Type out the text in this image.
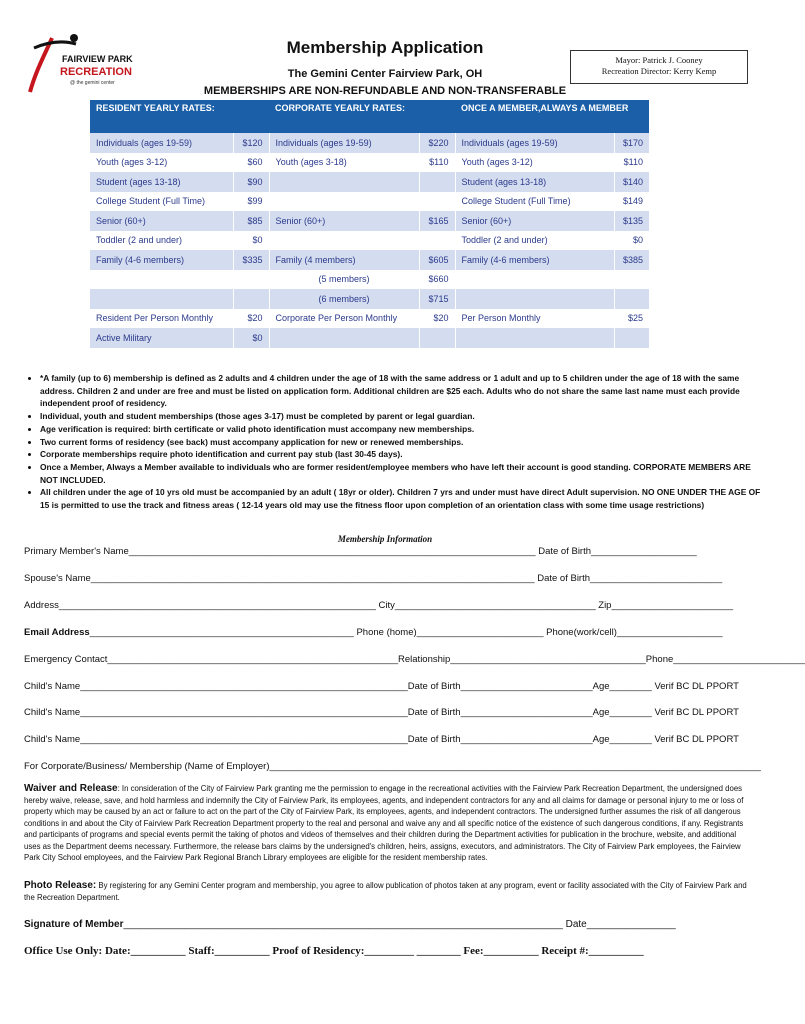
FAIRVIEW PARK
RECREATION
@ the gemini center
Membership Application
The Gemini Center Fairview Park, OH
MEMBERSHIPS ARE NON-REFUNDABLE AND NON-TRANSFERABLE
Mayor: Patrick J. Cooney
Recreation Director: Kerry Kemp
RESIDENT YEARLY RATES:		CORPORATE YEARLY RATES:		ONCE A MEMBER,ALWAYS A MEMBER	
Individuals (ages 19-59)	$120	Individuals (ages 19-59)	$220	Individuals (ages 19-59)	$170
Youth (ages 3-12)	$60	Youth (ages 3-18)	$110	Youth (ages 3-12)	$110
Student (ages 13-18)	$90			Student (ages 13-18)	$140
College Student (Full Time)	$99			College Student (Full Time)	$149
Senior (60+)	$85	Senior (60+)	$165	Senior (60+)	$135
Toddler (2 and under)	$0			Toddler (2 and under)	$0
Family (4-6 members)	$335	Family (4 members)	$605	Family (4-6 members)	$385
		(5 members)	$660		
		(6 members)	$715		
Resident Per Person Monthly	$20	Corporate Per Person Monthly	$20	Per Person Monthly	$25
Active Military	$0				
• *A family (up to 6) membership is defined as 2 adults and 4 children under the age of 18 with the same address or 1 adult and up to 5 children under the age of 18 with the same address. Children 2 and under are free and must be listed on application form. Additional children are $25 each. Adults who do not share the same last name must each provide independent proof of residency.
• Individual, youth and student memberships (those ages 3-17) must be completed by parent or legal guardian.
• Age verification is required: birth certificate or valid photo identification must accompany new memberships.
• Two current forms of residency (see back) must accompany application for new or renewed memberships.
• Corporate memberships require photo identification and current pay stub (last 30-45 days).
• Once a Member, Always a Member available to individuals who are former resident/employee members who have left their account is good standing. CORPORATE MEMBERS ARE NOT INCLUDED.
• All children under the age of 10 yrs old must be accompanied by an adult ( 18yr or older). Children 7 yrs and under must have direct Adult supervision. NO ONE UNDER THE AGE OF 15 is permitted to use the track and fitness areas ( 12-14 years old may use the fitness floor upon completion of an orientation class with some time usage restrictions)
Membership Information
Primary Member's Name_____________________________________________________________________________ Date of Birth____________________
Spouse's Name____________________________________________________________________________________ Date of Birth_________________________
Address____________________________________________________________ City______________________________________ Zip_______________________
Email Address__________________________________________________ Phone (home)________________________ Phone(work/cell)____________________
Emergency Contact_______________________________________________________Relationship_____________________________________Phone_________________________
Child's Name______________________________________________________________Date of Birth_________________________Age________ Verif BC DL PPORT
Child's Name______________________________________________________________Date of Birth_________________________Age________ Verif BC DL PPORT
Child's Name______________________________________________________________Date of Birth_________________________Age________ Verif BC DL PPORT
For Corporate/Business/ Membership (Name of Employer)_____________________________________________________________________________________________
Waiver and Release: In consideration of the City of Fairview Park granting me the permission to engage in the recreational activities with the Fairview Park Recreation Department, the undersigned does hereby waive, release, save, and hold harmless and indemnify the City of Fairview Park, its employees, agents, and independent contractors for any and all claims for damage or personal injury to me or loss of property which may be caused by an act or failure to act on the part of the City of Fairview Park, its employees, agents, and independent contractors. The undersigned further assumes the risk of all dangerous conditions in and about the City of Fairview Park Recreation Department property to the real and personal and waive any and all specific notice of the existence of such dangerous conditions, if any. Registrants and participants of programs and special events permit the taking of photos and videos of themselves and their children during the Department activities for publication in the brochure, website, and additional uses as the Department deems necessary. Furthermore, the release bars claims by the undersigned's children, heirs, assigns, executors, and administrators. The City of Fairview Park employees, the Fairview Park City School employees, and the Fairview Park Regional Branch Library employees are eligible for the resident membership rates.
Photo Release: By registering for any Gemini Center program and membership, you agree to allow publication of photos taken at any program, event or facility associated with the City of Fairview Park and the Recreation Department.
Signature of Member_______________________________________________________________________________ Date________________
Office Use Only: Date:__________ Staff:__________ Proof of Residency:_________ ________ Fee:__________ Receipt #:__________
